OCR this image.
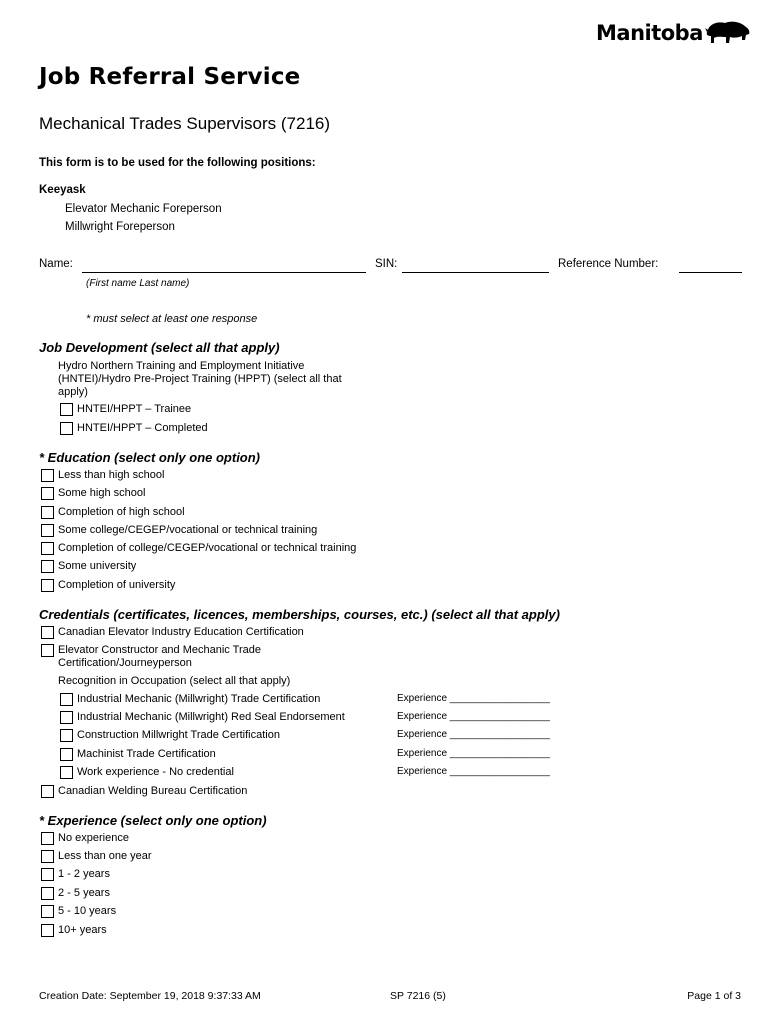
Manitoba
Job Referral Service
Mechanical Trades Supervisors (7216)
This form is to be used for the following positions:
Keeyask
Elevator Mechanic Foreperson
Millwright Foreperson
Name:
(First name Last name)
SIN:	Reference Number:
* must select at least one response
Job Development (select all that apply)
Hydro Northern Training and Employment Initiative
(HNTEI)/Hydro Pre-Project Training (HPPT) (select all that
apply)
HNTEI/HPPT – Trainee
HNTEI/HPPT – Completed
* Education (select only one option)
Less than high school
Some high school
Completion of high school
Some college/CEGEP/vocational or technical training
Completion of college/CEGEP/vocational or technical training
Some university
Completion of university
Credentials (certificates, licences, memberships, courses, etc.) (select all that apply)
Canadian Elevator Industry Education Certification
Elevator Constructor and Mechanic Trade
Certification/Journeyperson
Recognition in Occupation (select all that apply)
Industrial Mechanic (Millwright) Trade Certification	Experience __________________
Industrial Mechanic (Millwright) Red Seal Endorsement	Experience __________________
Construction Millwright Trade Certification	Experience __________________
Machinist Trade Certification	Experience __________________
Work experience - No credential	Experience __________________
Canadian Welding Bureau Certification
* Experience (select only one option)
No experience
Less than one year
1 - 2 years
2 - 5 years
5 - 10 years
10+ years
Creation Date: September 19, 2018 9:37:33 AM	SP 7216 (5)	Page 1 of 3
